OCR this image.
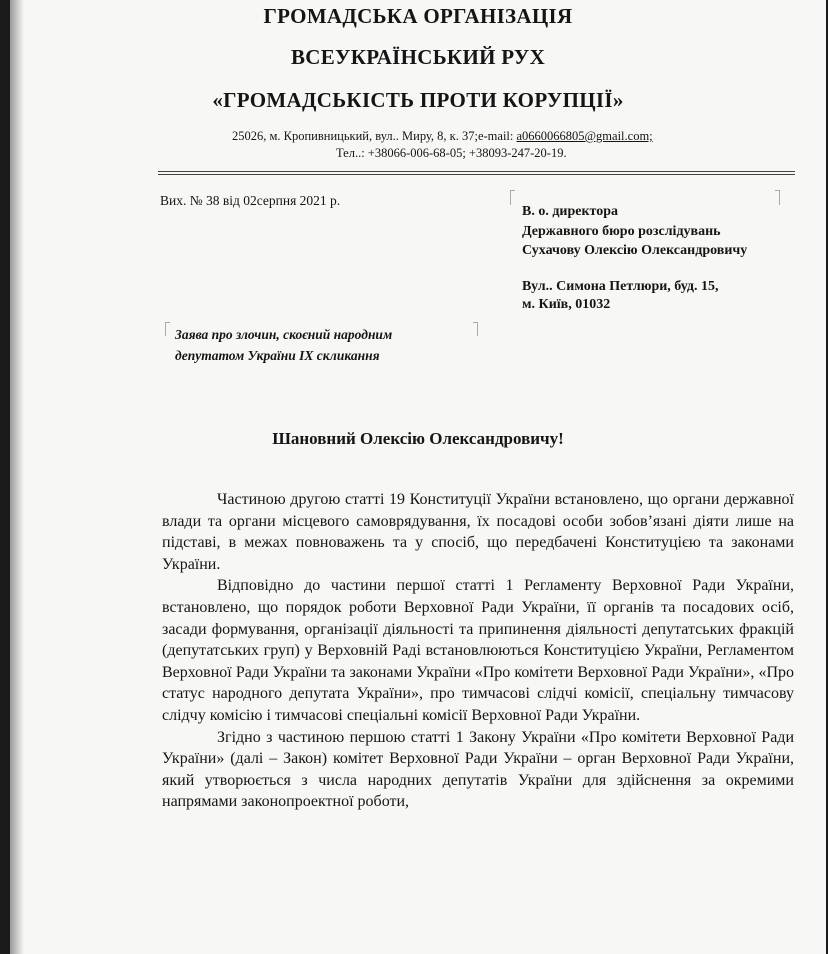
ГРОМАДСЬКА ОРГАНІЗАЦІЯ
ВСЕУКРАЇНСЬКИЙ РУХ
«ГРОМАДСЬКІСТЬ ПРОТИ КОРУПЦІЇ»
25026, м. Кропивницький, вул.. Миру, 8, к. 37;e-mail: a0660066805@gmail.com;
Тел..: +38066-006-68-05; +38093-247-20-19.
Вих. № 38 від 02серпня 2021 р.
В. о. директора
Державного бюро розслідувань
Сухачову Олексію Олександровичу
Вул.. Симона Петлюри, буд. 15,
м. Київ, 01032
Заява про злочин, скоєний народним
депутатом України IX скликання
Шановний Олексію Олександровичу!

Частиною другою статті 19 Конституції України встановлено, що органи державної влади та органи місцевого самоврядування, їх посадові особи зобов’язані діяти лише на підставі, в межах повноважень та у спосіб, що передбачені Конституцією та законами України.

Відповідно до частини першої статті 1 Регламенту Верховної Ради України, встановлено, що порядок роботи Верховної Ради України, її органів та посадових осіб, засади формування, організації діяльності та припинення діяльності депутатських фракцій (депутатських груп) у Верховній Раді встановлюються Конституцією України, Регламентом Верховної Ради України та законами України «Про комітети Верховної Ради України», «Про статус народного депутата України», про тимчасові слідчі комісії, спеціальну тимчасову слідчу комісію і тимчасові спеціальні комісії Верховної Ради України.

Згідно з частиною першою статті 1 Закону України «Про комітети Верховної Ради України» (далі – Закон) комітет Верховної Ради України – орган Верховної Ради України, який утворюється з числа народних депутатів України для здійснення за окремими напрямами законопроектної роботи,
